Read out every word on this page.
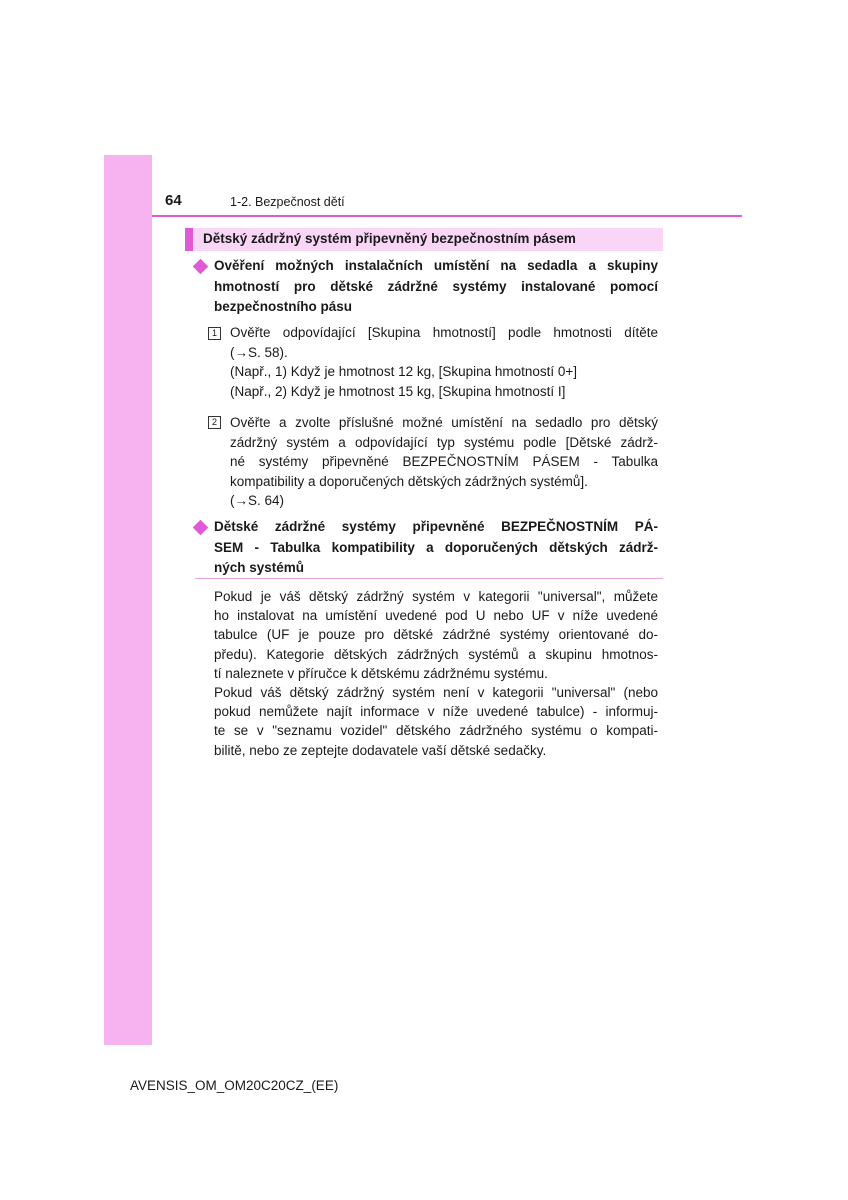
64	1-2. Bezpečnost dětí
Dětský zádržný systém připevněný bezpečnostním pásem
Ověření možných instalačních umístění na sedadla a skupiny
hmotností pro dětské zádržné systémy instalované pomocí
bezpečnostního pásu
1 Ověřte odpovídající [Skupina hmotností] podle hmotnosti dítěte
(→S. 58).
(Např., 1) Když je hmotnost 12 kg, [Skupina hmotností 0+]
(Např., 2) Když je hmotnost 15 kg, [Skupina hmotností I]
2 Ověřte a zvolte příslušné možné umístění na sedadlo pro dětský
zádržný systém a odpovídající typ systému podle [Dětské zádrž-
né systémy připevněné BEZPEČNOSTNÍM PÁSEM - Tabulka
kompatibility a doporučených dětských zádržných systémů].
(→S. 64)
Dětské zádržné systémy připevněné BEZPEČNOSTNÍM PÁ-
SEM - Tabulka kompatibility a doporučených dětských zádrž-
ných systémů
Pokud je váš dětský zádržný systém v kategorii "universal", můžete
ho instalovat na umístění uvedené pod U nebo UF v níže uvedené
tabulce (UF je pouze pro dětské zádržné systémy orientované do-
předu). Kategorie dětských zádržných systémů a skupinu hmotnos-
tí naleznete v příručce k dětskému zádržnému systému.
Pokud váš dětský zádržný systém není v kategorii "universal" (nebo
pokud nemůžete najít informace v níže uvedené tabulce) - informuj-
te se v "seznamu vozidel" dětského zádržného systému o kompati-
bilitě, nebo ze zeptejte dodavatele vaší dětské sedačky.
AVENSIS_OM_OM20C20CZ_(EE)
